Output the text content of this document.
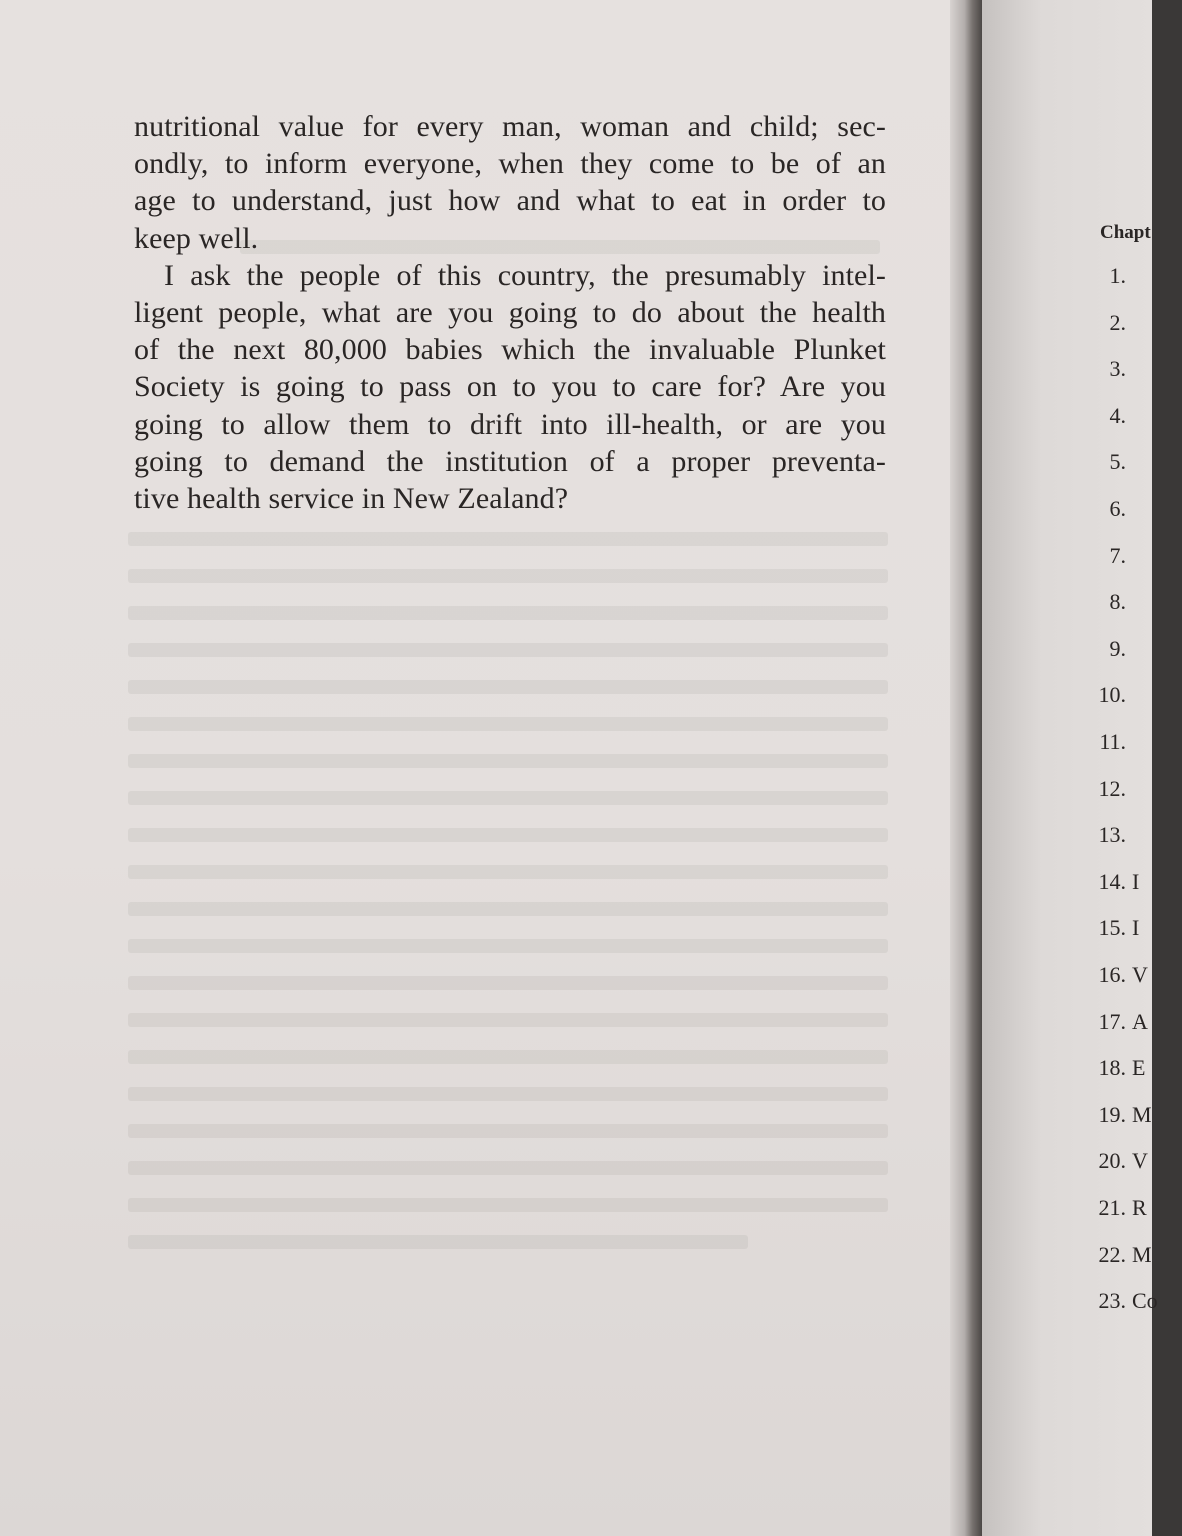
nutritional value for every man, woman and child; sec-
ondly, to inform everyone, when they come to be of an
age to understand, just how and what to eat in order to
keep well.
I ask the people of this country, the presumably intel-
ligent people, what are you going to do about the health
of the next 80,000 babies which the invaluable Plunket
Society is going to pass on to you to care for? Are you
going to allow them to drift into ill-health, or are you
going to demand the institution of a proper preventa-
tive health service in New Zealand?
Chapt
1.
2.
3.
4.
5.
6.
7.
8.
9.
10.
11.
12.
13.
14. I
15. I
16. V
17. A
18. E
19. M
20. V
21. R
22. M
23. Co
